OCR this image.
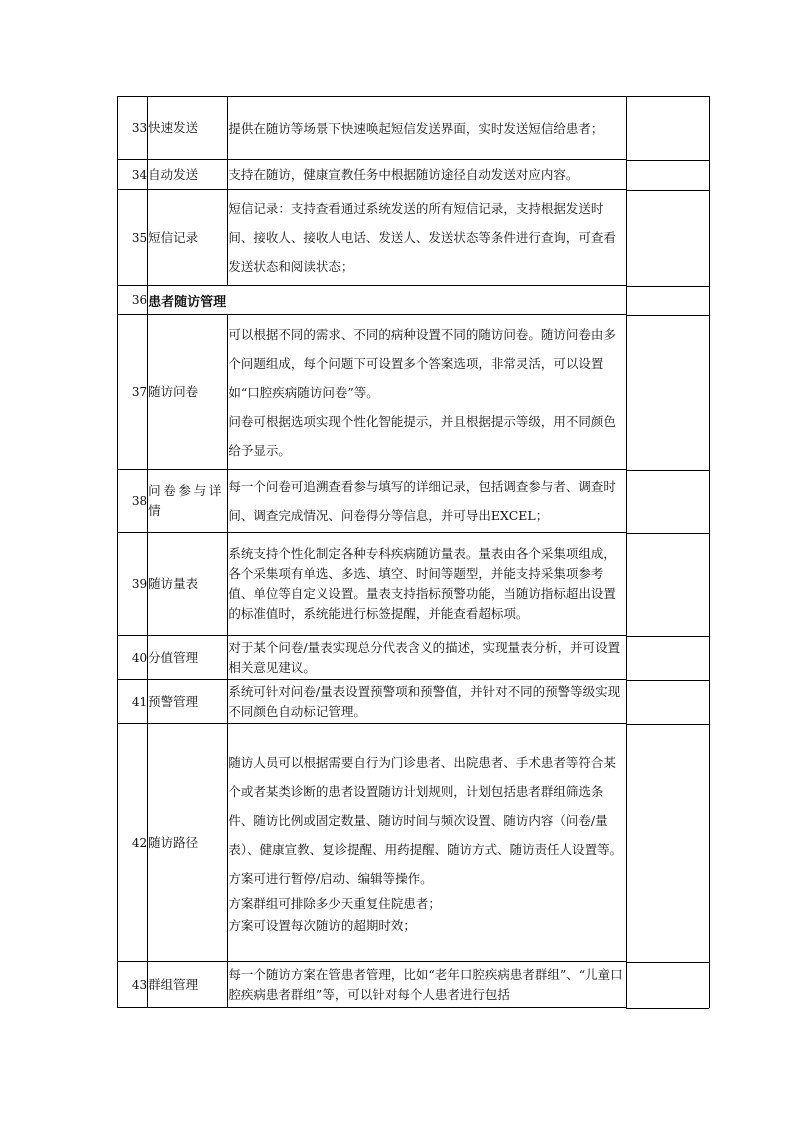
33	快速发送	提供在随访等场景下快速唤起短信发送界面，实时发送短信给患者；

34	自动发送	支持在随访，健康宣教任务中根据随访途径自动发送对应内容。

35	短信记录	短信记录：支持查看通过系统发送的所有短信记录，支持根据发送时间、接收人、接收人电话、发送人、发送状态等条件进行查询，可查看发送状态和阅读状态；

36	患者随访管理	
37	随访问卷	可以根据不同的需求、不同的病种设置不同的随访问卷。随访问卷由多个问题组成，每个问题下可设置多个答案选项，非常灵活，可以设置如“口腔疾病随访问卷”等。

问卷可根据选项实现个性化智能提示，并且根据提示等级，用不同颜色给予显示。

38	问卷参与详情	每一个问卷可追溯查看参与填写的详细记录，包括调查参与者、调查时间、调查完成情况、问卷得分等信息，并可导出EXCEL；

39	随访量表	系统支持个性化制定各种专科疾病随访量表。量表由各个采集项组成，各个采集项有单选、多选、填空、时间等题型，并能支持采集项参考值、单位等自定义设置。量表支持指标预警功能，当随访指标超出设置的标准值时，系统能进行标签提醒，并能查看超标项。

40	分值管理	对于某个问卷/量表实现总分代表含义的描述，实现量表分析，并可设置相关意见建议。

41	预警管理	系统可针对问卷/量表设置预警项和预警值，并针对不同的预警等级实现不同颜色自动标记管理。

42	随访路径	随访人员可以根据需要自行为门诊患者、出院患者、手术患者等符合某个或者某类诊断的患者设置随访计划规则，计划包括患者群组筛选条件、随访比例或固定数量、随访时间与频次设置、随访内容（问卷/量表）、健康宣教、复诊提醒、用药提醒、随访方式、随访责任人设置等。

方案可进行暂停/启动、编辑等操作。

方案群组可排除多少天重复住院患者；

方案可设置每次随访的超期时效；

43	群组管理	每一个随访方案在管患者管理，比如“老年口腔疾病患者群组”、“儿童口腔疾病患者群组”等，可以针对每个人患者进行包括
